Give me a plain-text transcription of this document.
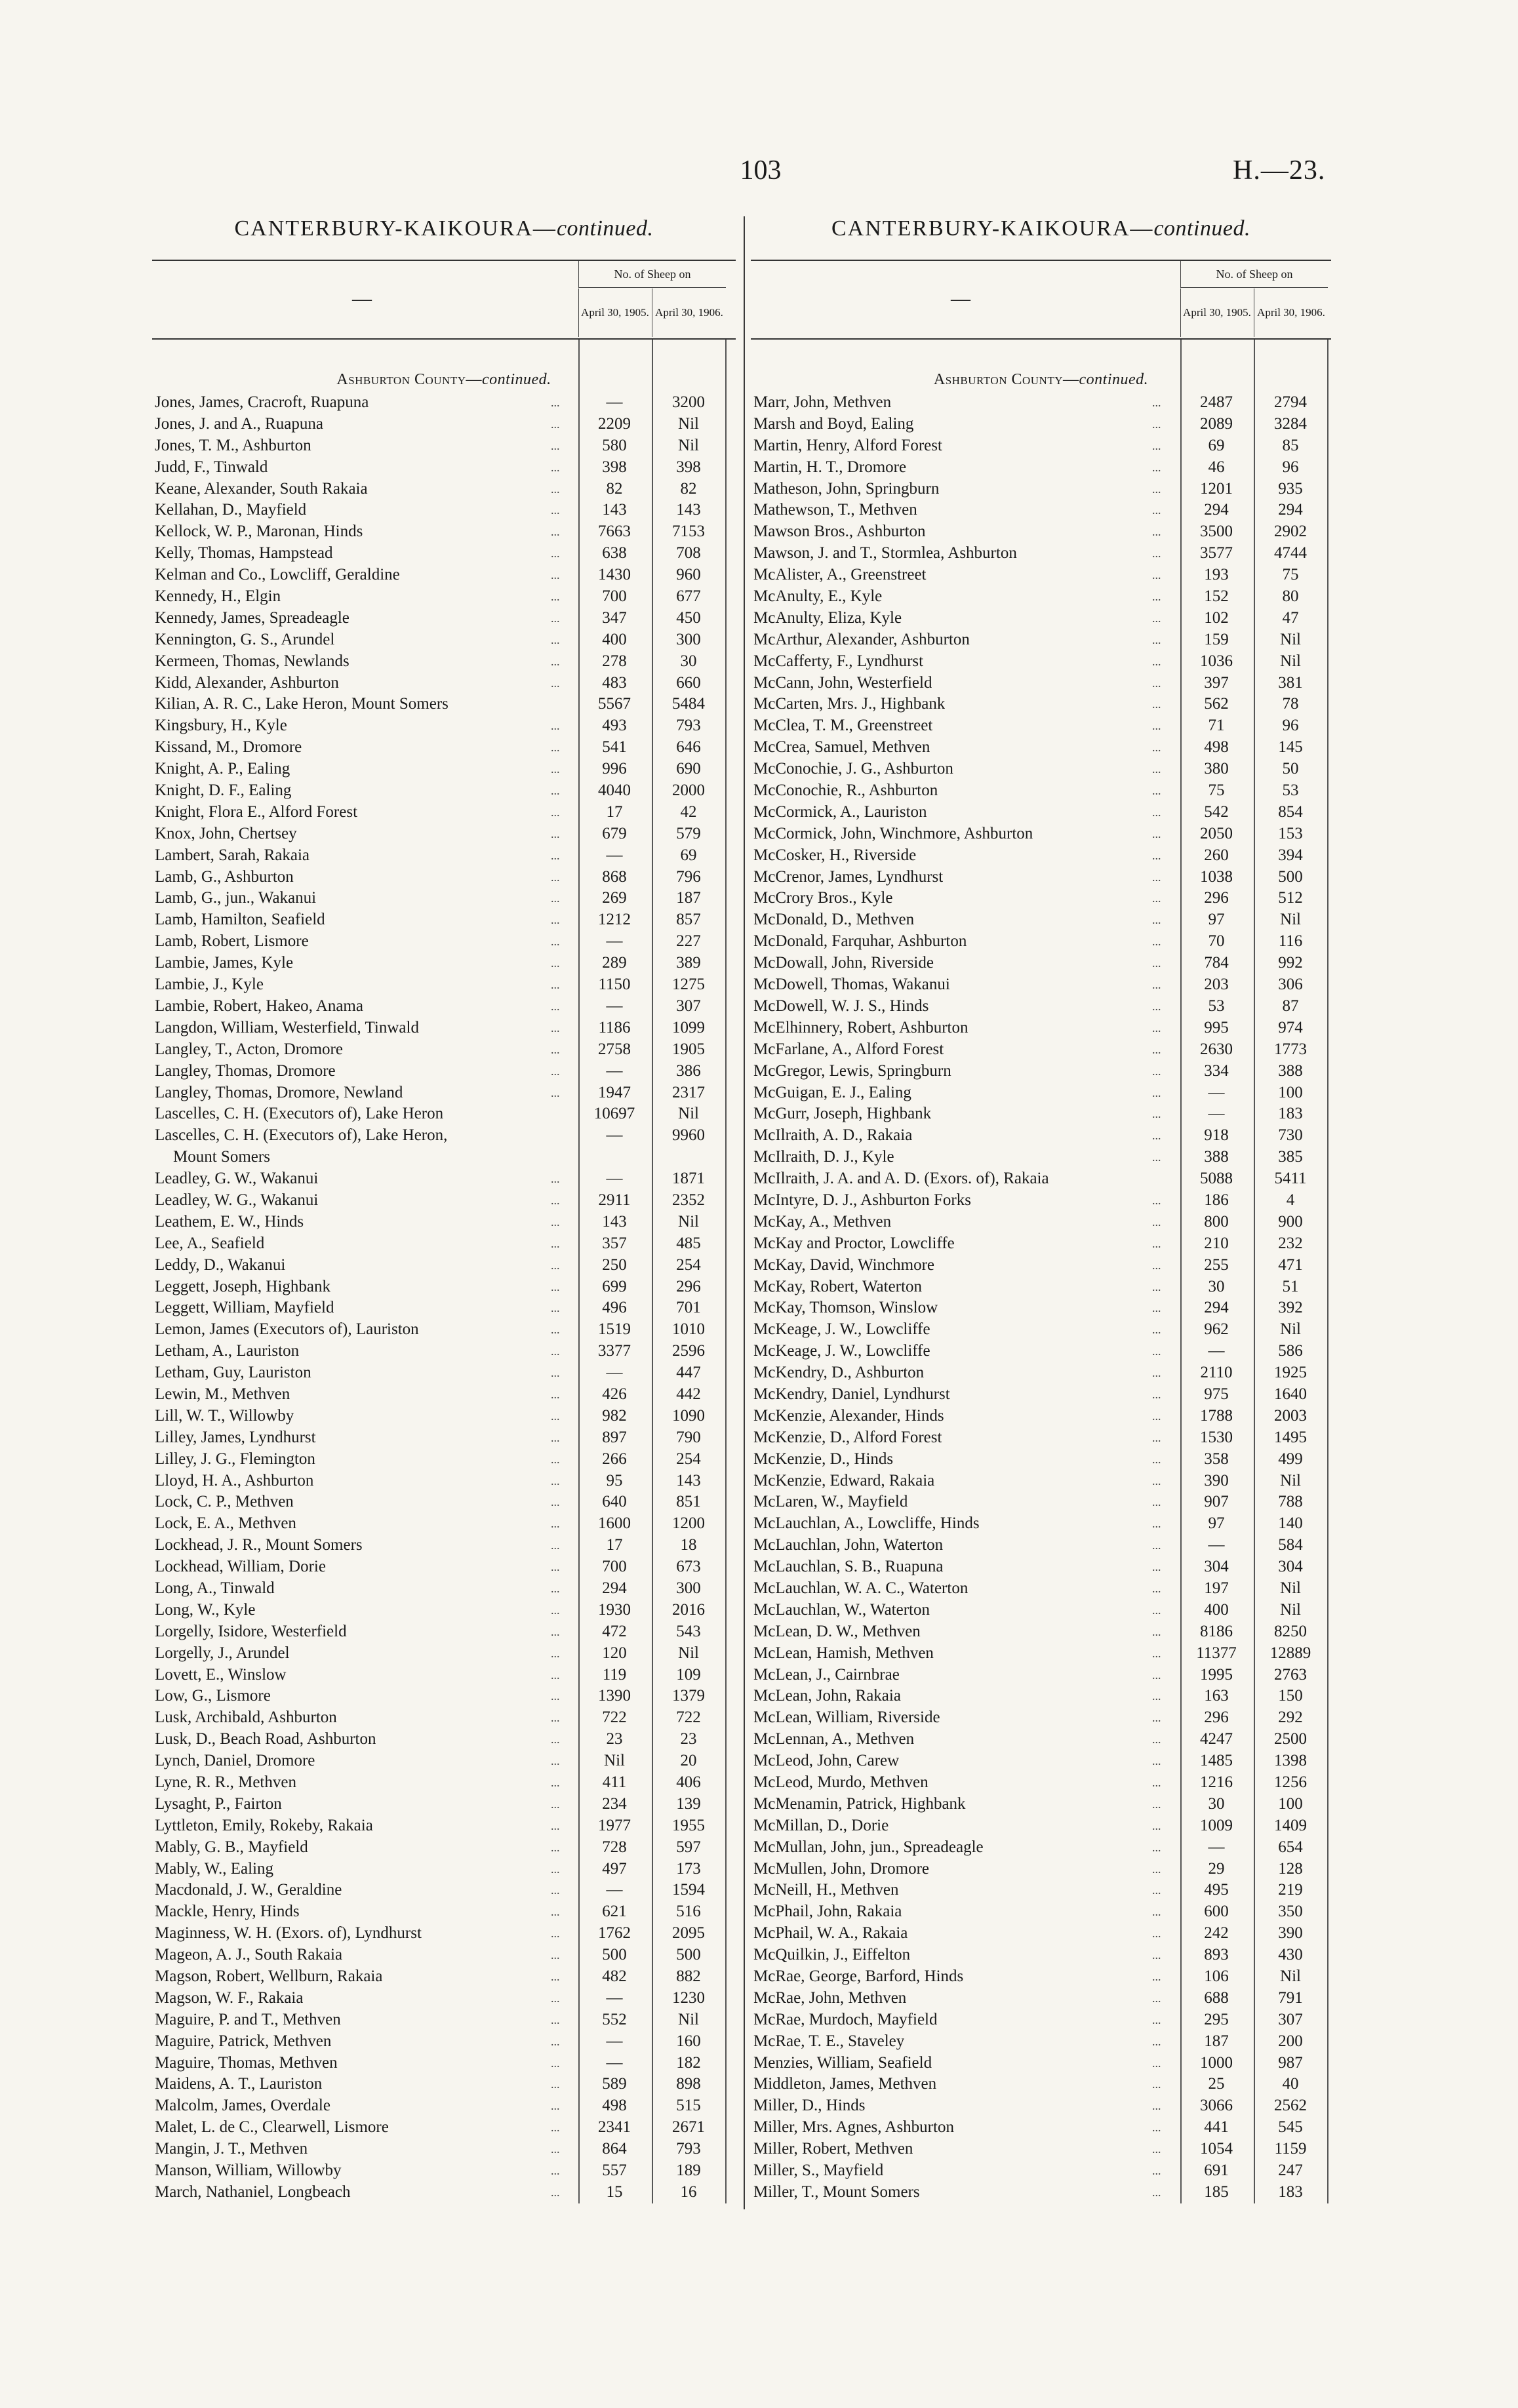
103	H.—23.
CANTERBURY-KAIKOURA—continued.
—
No. of Sheep on
April 30, 1905. April 30, 1906.
Ashburton County—continued.
Jones, James, Cracroft, Ruapuna	...	—	3200
Jones, J. and A., Ruapuna	...	2209	Nil
Jones, T. M., Ashburton	...	580	Nil
Judd, F., Tinwald	...	398	398
Keane, Alexander, South Rakaia	...	82	82
Kellahan, D., Mayfield	...	143	143
Kellock, W. P., Maronan, Hinds	...	7663	7153
Kelly, Thomas, Hampstead	...	638	708
Kelman and Co., Lowcliff, Geraldine	...	1430	960
Kennedy, H., Elgin	...	700	677
Kennedy, James, Spreadeagle	...	347	450
Kennington, G. S., Arundel	...	400	300
Kermeen, Thomas, Newlands	...	278	30
Kidd, Alexander, Ashburton	...	483	660
Kilian, A. R. C., Lake Heron, Mount Somers	5567	5484
Kingsbury, H., Kyle	...	493	793
Kissand, M., Dromore	...	541	646
Knight, A. P., Ealing	...	996	690
Knight, D. F., Ealing	...	4040	2000
Knight, Flora E., Alford Forest	...	17	42
Knox, John, Chertsey	...	679	579
Lambert, Sarah, Rakaia	...	—	69
Lamb, G., Ashburton	...	868	796
Lamb, G., jun., Wakanui	...	269	187
Lamb, Hamilton, Seafield	...	1212	857
Lamb, Robert, Lismore	...	—	227
Lambie, James, Kyle	...	289	389
Lambie, J., Kyle	...	1150	1275
Lambie, Robert, Hakeo, Anama	...	—	307
Langdon, William, Westerfield, Tinwald	...	1186	1099
Langley, T., Acton, Dromore	...	2758	1905
Langley, Thomas, Dromore	...	—	386
Langley, Thomas, Dromore, Newland	...	1947	2317
Lascelles, C. H. (Executors of), Lake Heron	10697	Nil
Lascelles, C. H. (Executors of), Lake Heron,	—	9960
Mount Somers
Leadley, G. W., Wakanui	...	—	1871
Leadley, W. G., Wakanui	...	2911	2352
Leathem, E. W., Hinds	...	143	Nil
Lee, A., Seafield	...	357	485
Leddy, D., Wakanui	...	250	254
Leggett, Joseph, Highbank	...	699	296
Leggett, William, Mayfield	...	496	701
Lemon, James (Executors of), Lauriston	...	1519	1010
Letham, A., Lauriston	...	3377	2596
Letham, Guy, Lauriston	...	—	447
Lewin, M., Methven	...	426	442
Lill, W. T., Willowby	...	982	1090
Lilley, James, Lyndhurst	...	897	790
Lilley, J. G., Flemington	...	266	254
Lloyd, H. A., Ashburton	...	95	143
Lock, C. P., Methven	...	640	851
Lock, E. A., Methven	...	1600	1200
Lockhead, J. R., Mount Somers	...	17	18
Lockhead, William, Dorie	...	700	673
Long, A., Tinwald	...	294	300
Long, W., Kyle	...	1930	2016
Lorgelly, Isidore, Westerfield	...	472	543
Lorgelly, J., Arundel	...	120	Nil
Lovett, E., Winslow	...	119	109
Low, G., Lismore	...	1390	1379
Lusk, Archibald, Ashburton	...	722	722
Lusk, D., Beach Road, Ashburton	...	23	23
Lynch, Daniel, Dromore	...	Nil	20
Lyne, R. R., Methven	...	411	406
Lysaght, P., Fairton	...	234	139
Lyttleton, Emily, Rokeby, Rakaia	...	1977	1955
Mably, G. B., Mayfield	...	728	597
Mably, W., Ealing	...	497	173
Macdonald, J. W., Geraldine	...	—	1594
Mackle, Henry, Hinds	...	621	516
Maginness, W. H. (Exors. of), Lyndhurst	...	1762	2095
Mageon, A. J., South Rakaia	...	500	500
Magson, Robert, Wellburn, Rakaia	...	482	882
Magson, W. F., Rakaia	...	—	1230
Maguire, P. and T., Methven	...	552	Nil
Maguire, Patrick, Methven	...	—	160
Maguire, Thomas, Methven	...	—	182
Maidens, A. T., Lauriston	...	589	898
Malcolm, James, Overdale	...	498	515
Malet, L. de C., Clearwell, Lismore	...	2341	2671
Mangin, J. T., Methven	...	864	793
Manson, William, Willowby	...	557	189
March, Nathaniel, Longbeach	...	15	16
CANTERBURY-KAIKOURA—continued.
—
No. of Sheep on
April 30, 1905. April 30, 1906.
Ashburton County—continued.
Marr, John, Methven	...	2487	2794
Marsh and Boyd, Ealing	...	2089	3284
Martin, Henry, Alford Forest	...	69	85
Martin, H. T., Dromore	...	46	96
Matheson, John, Springburn	...	1201	935
Mathewson, T., Methven	...	294	294
Mawson Bros., Ashburton	...	3500	2902
Mawson, J. and T., Stormlea, Ashburton	...	3577	4744
McAlister, A., Greenstreet	...	193	75
McAnulty, E., Kyle	...	152	80
McAnulty, Eliza, Kyle	...	102	47
McArthur, Alexander, Ashburton	...	159	Nil
McCafferty, F., Lyndhurst	...	1036	Nil
McCann, John, Westerfield	...	397	381
McCarten, Mrs. J., Highbank	...	562	78
McClea, T. M., Greenstreet	...	71	96
McCrea, Samuel, Methven	...	498	145
McConochie, J. G., Ashburton	...	380	50
McConochie, R., Ashburton	...	75	53
McCormick, A., Lauriston	...	542	854
McCormick, John, Winchmore, Ashburton	...	2050	153
McCosker, H., Riverside	...	260	394
McCrenor, James, Lyndhurst	...	1038	500
McCrory Bros., Kyle	...	296	512
McDonald, D., Methven	...	97	Nil
McDonald, Farquhar, Ashburton	...	70	116
McDowall, John, Riverside	...	784	992
McDowell, Thomas, Wakanui	...	203	306
McDowell, W. J. S., Hinds	...	53	87
McElhinnery, Robert, Ashburton	...	995	974
McFarlane, A., Alford Forest	...	2630	1773
McGregor, Lewis, Springburn	...	334	388
McGuigan, E. J., Ealing	...	—	100
McGurr, Joseph, Highbank	...	—	183
McIlraith, A. D., Rakaia	...	918	730
McIlraith, D. J., Kyle	...	388	385
McIlraith, J. A. and A. D. (Exors. of), Rakaia	5088	5411
McIntyre, D. J., Ashburton Forks	...	186	4
McKay, A., Methven	...	800	900
McKay and Proctor, Lowcliffe	...	210	232
McKay, David, Winchmore	...	255	471
McKay, Robert, Waterton	...	30	51
McKay, Thomson, Winslow	...	294	392
McKeage, J. W., Lowcliffe	...	962	Nil
McKeage, J. W., Lowcliffe	...	—	586
McKendry, D., Ashburton	...	2110	1925
McKendry, Daniel, Lyndhurst	...	975	1640
McKenzie, Alexander, Hinds	...	1788	2003
McKenzie, D., Alford Forest	...	1530	1495
McKenzie, D., Hinds	...	358	499
McKenzie, Edward, Rakaia	...	390	Nil
McLaren, W., Mayfield	...	907	788
McLauchlan, A., Lowcliffe, Hinds	...	97	140
McLauchlan, John, Waterton	...	—	584
McLauchlan, S. B., Ruapuna	...	304	304
McLauchlan, W. A. C., Waterton	...	197	Nil
McLauchlan, W., Waterton	...	400	Nil
McLean, D. W., Methven	...	8186	8250
McLean, Hamish, Methven	...	11377	12889
McLean, J., Cairnbrae	...	1995	2763
McLean, John, Rakaia	...	163	150
McLean, William, Riverside	...	296	292
McLennan, A., Methven	...	4247	2500
McLeod, John, Carew	...	1485	1398
McLeod, Murdo, Methven	...	1216	1256
McMenamin, Patrick, Highbank	...	30	100
McMillan, D., Dorie	...	1009	1409
McMullan, John, jun., Spreadeagle	...	—	654
McMullen, John, Dromore	...	29	128
McNeill, H., Methven	...	495	219
McPhail, John, Rakaia	...	600	350
McPhail, W. A., Rakaia	...	242	390
McQuilkin, J., Eiffelton	...	893	430
McRae, George, Barford, Hinds	...	106	Nil
McRae, John, Methven	...	688	791
McRae, Murdoch, Mayfield	...	295	307
McRae, T. E., Staveley	...	187	200
Menzies, William, Seafield	...	1000	987
Middleton, James, Methven	...	25	40
Miller, D., Hinds	...	3066	2562
Miller, Mrs. Agnes, Ashburton	...	441	545
Miller, Robert, Methven	...	1054	1159
Miller, S., Mayfield	...	691	247
Miller, T., Mount Somers	...	185	183
